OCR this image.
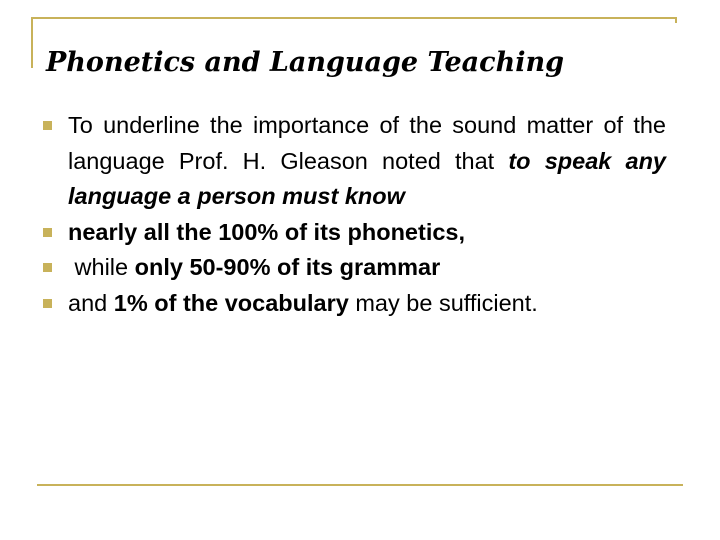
Phonetics and Language Teaching
To underline the importance of the sound matter of the language Prof. H. Gleason noted that to speak any language a person must know
nearly all the 100% of its phonetics,
while only 50-90% of its grammar
and 1% of the vocabulary may be sufficient.
